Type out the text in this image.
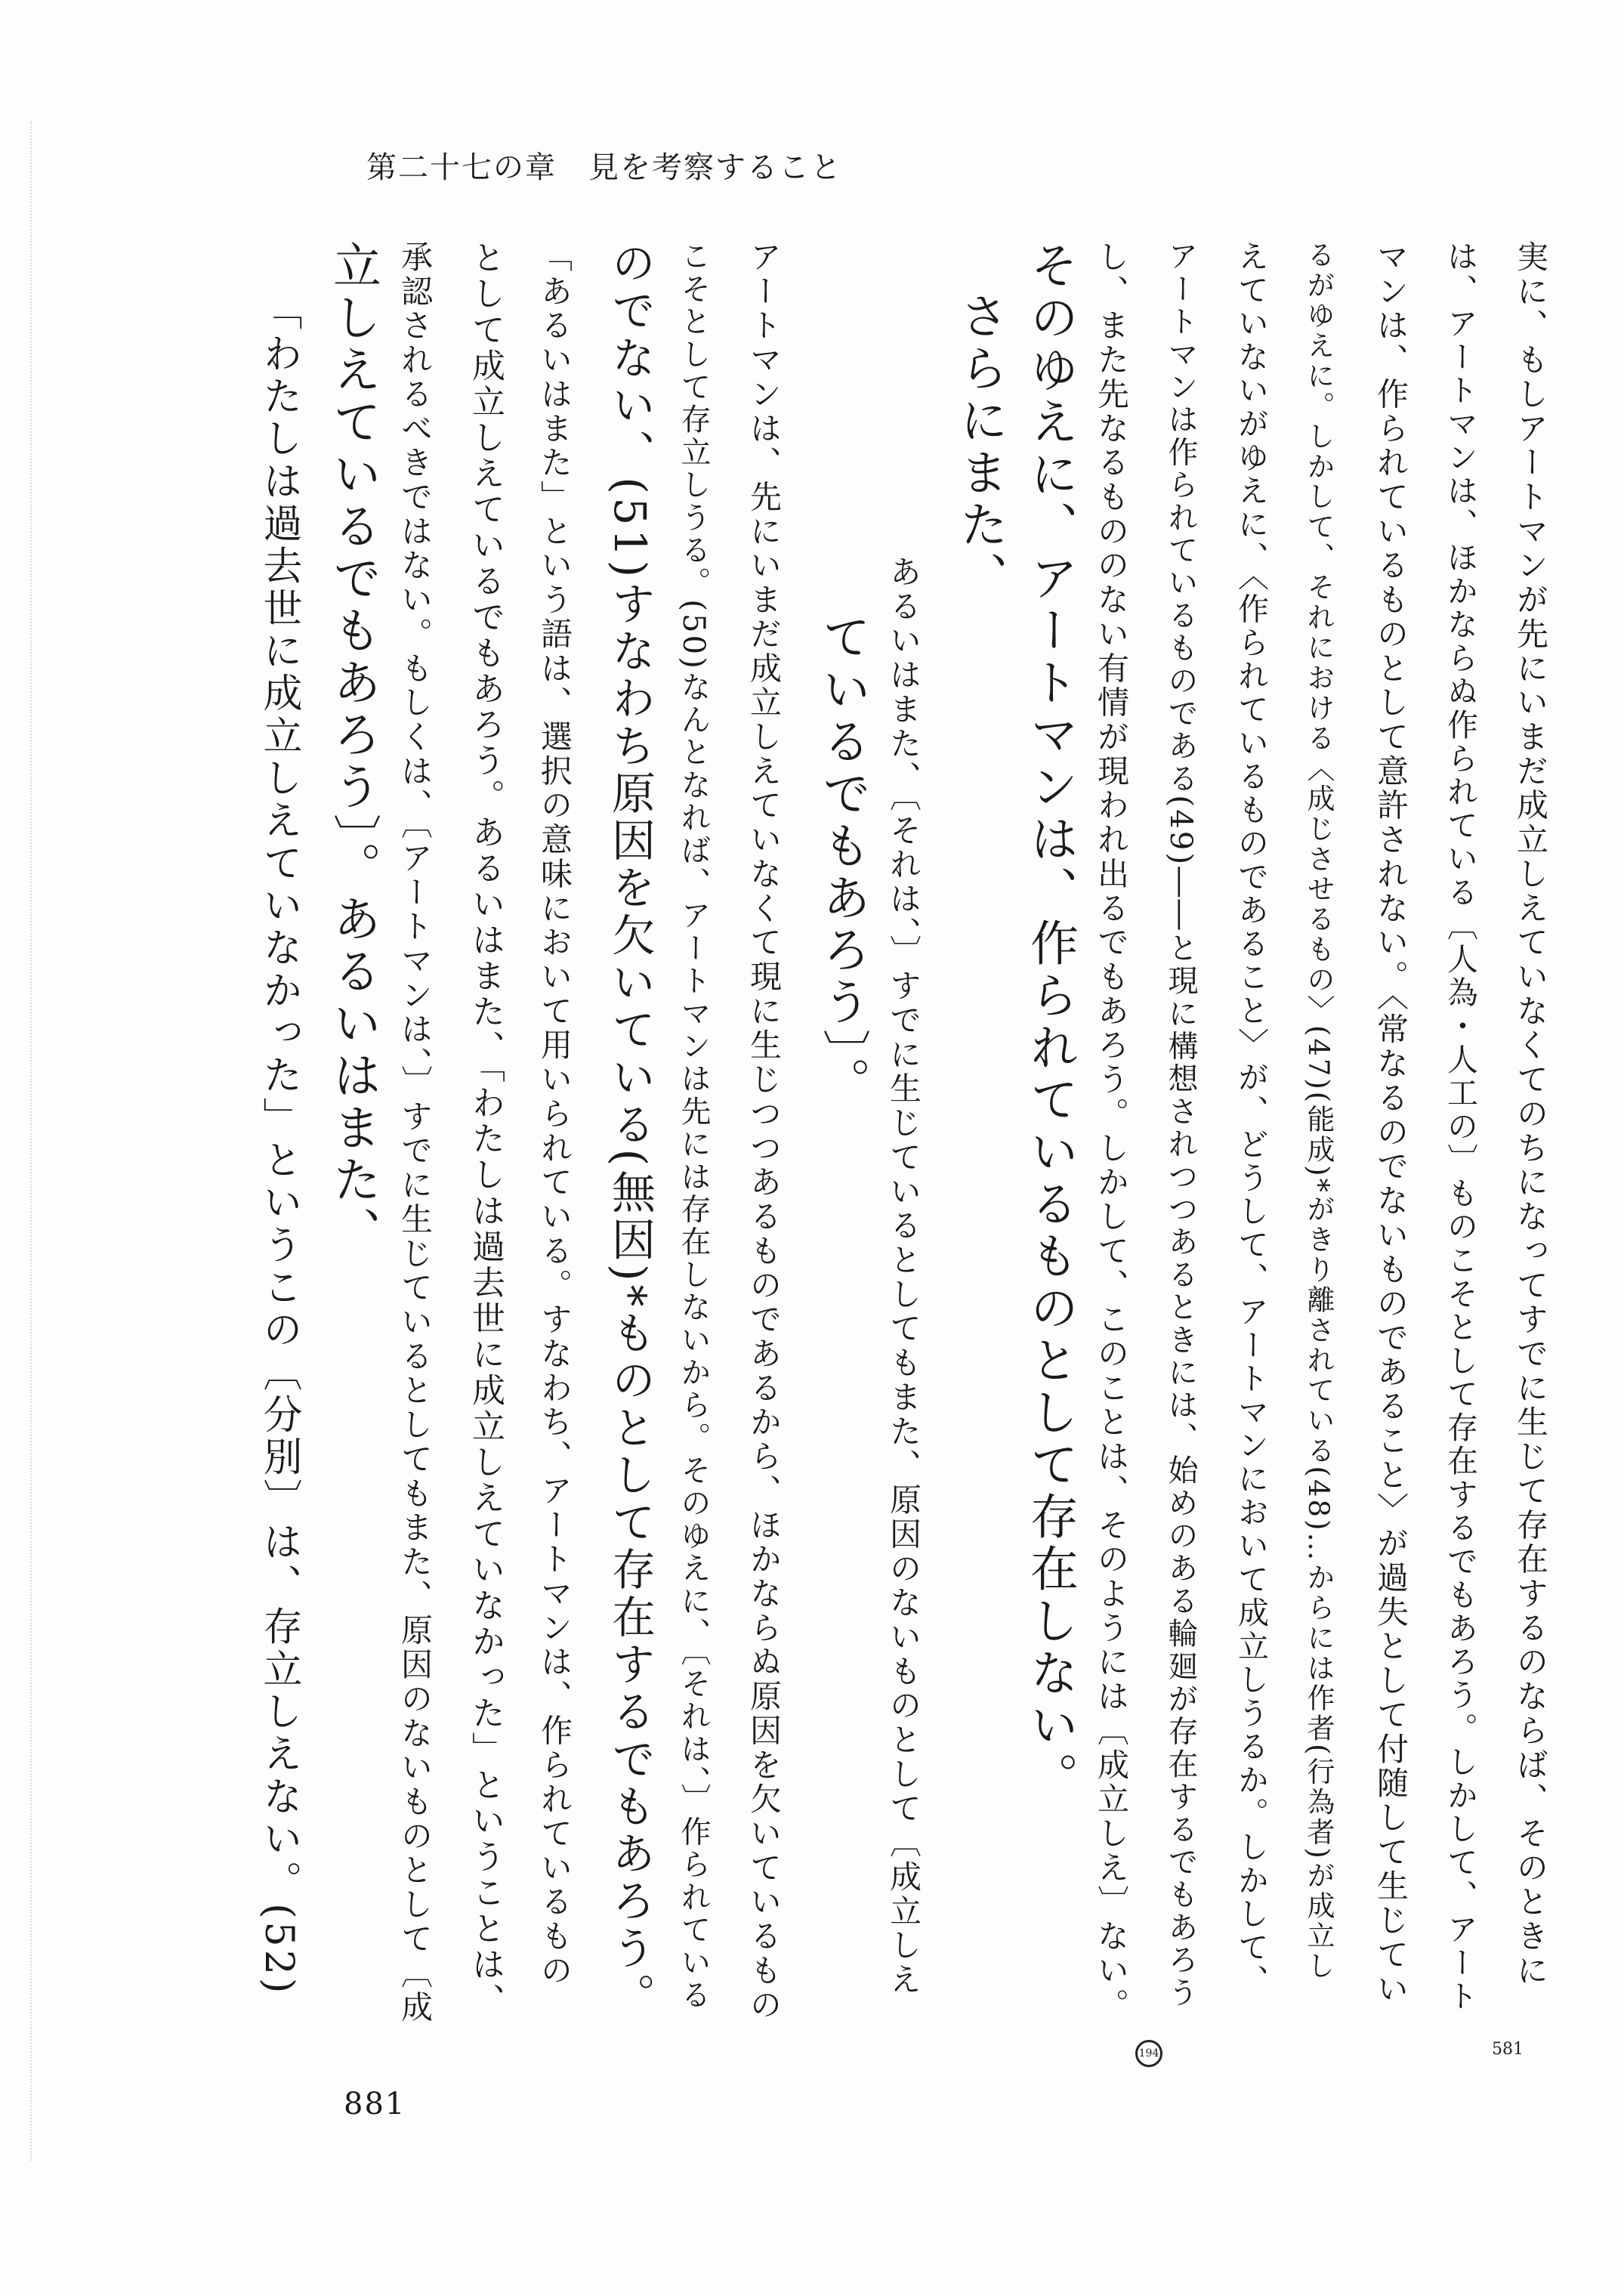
第二十七の章　見を考察すること
実に、もしアートマンが先にいまだ成立しえていなくてのちになってすでに生じて存在するのならば、そのときに
は、アートマンは、ほかならぬ作られている〔人為・人工の〕ものこそとして存在するでもあろう。しかして、アート
マンは、作られているものとして意許されない。〈常なるのでないものであること〉が過失として付随して生じてい
るがゆえに。しかして、それにおける〈成じさせるもの〉(47)(能成)*がきり離されている(48)…からには作者(行為者)が成立し
えていないがゆえに、〈作られているものであること〉が、どうして、アートマンにおいて成立しうるか。しかして、
アートマンは作られているものである(49)――と現に構想されつつあるときには、始めのある輪廻が存在するでもあろう
し、また先なるもののない有情が現われ出るでもあろう。しかして、このことは、そのようには〔成立しえ〕ない。
そのゆえに、アートマンは、作られているものとして存在しない。
さらにまた、
あるいはまた、〔それは、〕すでに生じているとしてもまた、原因のないものとして〔成立しえ
ているでもあろう〕。
アートマンは、先にいまだ成立しえていなくて現に生じつつあるものであるから、ほかならぬ原因を欠いているもの
こそとして存立しうる。(50)なんとなれば、アートマンは先には存在しないから。そのゆえに、〔それは、〕作られている
のでない、(51)すなわち原因を欠いている(無因)*ものとして存在するでもあろう。
「あるいはまた」という語は、選択の意味において用いられている。すなわち、アートマンは、作られているもの
として成立しえているでもあろう。あるいはまた、「わたしは過去世に成立しえていなかった」ということは、
承認されるべきではない。もしくは、〔アートマンは、〕すでに生じているとしてもまた、原因のないものとして〔成
立しえているでもあろう〕。あるいはまた、
「わたしは過去世に成立しえていなかった」というこの〔分別〕は、存立しえない。(52)
581
194
881
